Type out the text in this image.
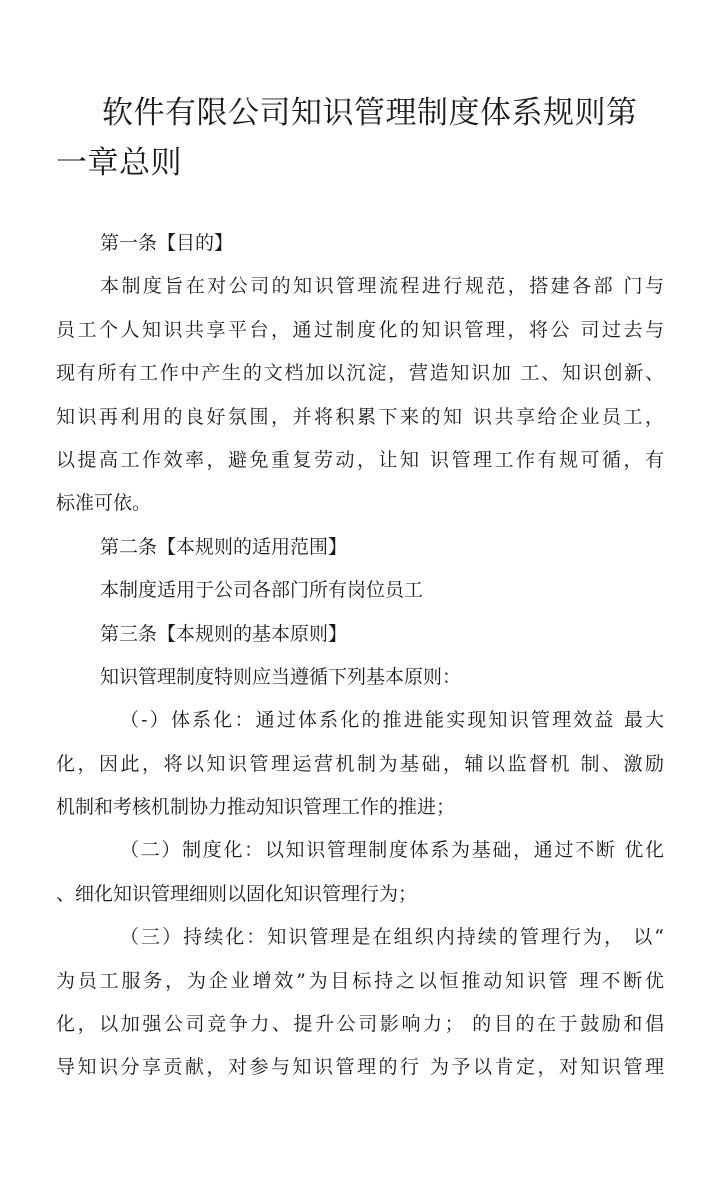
软件有限公司知识管理制度体系规则第一章总则
第一条【目的】
本制度旨在对公司的知识管理流程进行规范，搭建各部 门与
员工个人知识共享平台，通过制度化的知识管理，将公 司过去与
现有所有工作中产生的文档加以沉淀，营造知识加 工、知识创新、
知识再利用的良好氛围，并将积累下来的知 识共享给企业员工，
以提高工作效率，避免重复劳动，让知 识管理工作有规可循，有
标准可依。
第二条【本规则的适用范围】
本制度适用于公司各部门所有岗位员工
第三条【本规则的基本原则】
知识管理制度特则应当遵循下列基本原则：
（-）体系化：通过体系化的推进能实现知识管理效益 最大
化，因此，将以知识管理运营机制为基础，辅以监督机 制、激励
机制和考核机制协力推动知识管理工作的推进；
（二）制度化：以知识管理制度体系为基础，通过不断 优化
、细化知识管理细则以固化知识管理行为；
（三）持续化：知识管理是在组织内持续的管理行为， 以“
为员工服务，为企业增效”为目标持之以恒推动知识管 理不断优
化，以加强公司竞争力、提升公司影响力； 的目的在于鼓励和倡
导知识分享贡献，对参与知识管理的行 为予以肯定，对知识管理
